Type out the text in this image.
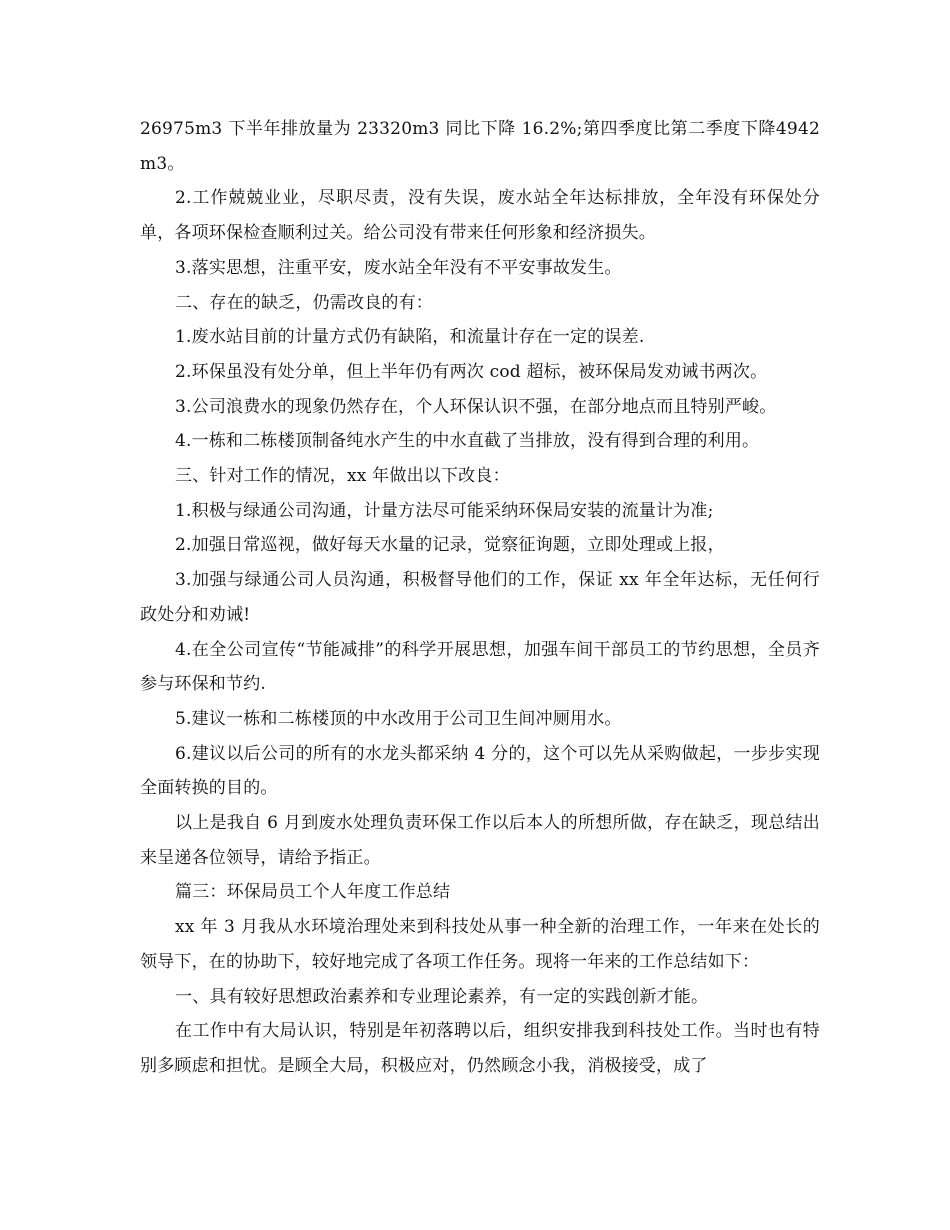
26975m3 下半年排放量为 23320m3 同比下降 16.2%;第四季度比第二季度下降4942m3。

2.工作兢兢业业，尽职尽责，没有失误，废水站全年达标排放，全年没有环保处分单，各项环保检查顺利过关。给公司没有带来任何形象和经济损失。

3.落实思想，注重平安，废水站全年没有不平安事故发生。

二、存在的缺乏，仍需改良的有：

1.废水站目前的计量方式仍有缺陷，和流量计存在一定的误差.

2.环保虽没有处分单，但上半年仍有两次 cod 超标，被环保局发劝诫书两次。

3.公司浪费水的现象仍然存在，个人环保认识不强，在部分地点而且特别严峻。

4.一栋和二栋楼顶制备纯水产生的中水直截了当排放，没有得到合理的利用。

三、针对工作的情况，xx 年做出以下改良：

1.积极与绿通公司沟通，计量方法尽可能采纳环保局安装的流量计为准;

2.加强日常巡视，做好每天水量的记录，觉察征询题，立即处理或上报，

3.加强与绿通公司人员沟通，积极督导他们的工作，保证 xx 年全年达标，无任何行政处分和劝诫!

4.在全公司宣传“节能减排”的科学开展思想，加强车间干部员工的节约思想，全员齐参与环保和节约.

5.建议一栋和二栋楼顶的中水改用于公司卫生间冲厕用水。

6.建议以后公司的所有的水龙头都采纳 4 分的，这个可以先从采购做起，一步步实现全面转换的目的。

以上是我自 6 月到废水处理负责环保工作以后本人的所想所做，存在缺乏，现总结出来呈递各位领导，请给予指正。

篇三：环保局员工个人年度工作总结

xx 年 3 月我从水环境治理处来到科技处从事一种全新的治理工作，一年来在处长的领导下，在的协助下，较好地完成了各项工作任务。现将一年来的工作总结如下：

一、具有较好思想政治素养和专业理论素养，有一定的实践创新才能。

在工作中有大局认识，特别是年初落聘以后，组织安排我到科技处工作。当时也有特别多顾虑和担忧。是顾全大局，积极应对，仍然顾念小我，消极接受，成了
